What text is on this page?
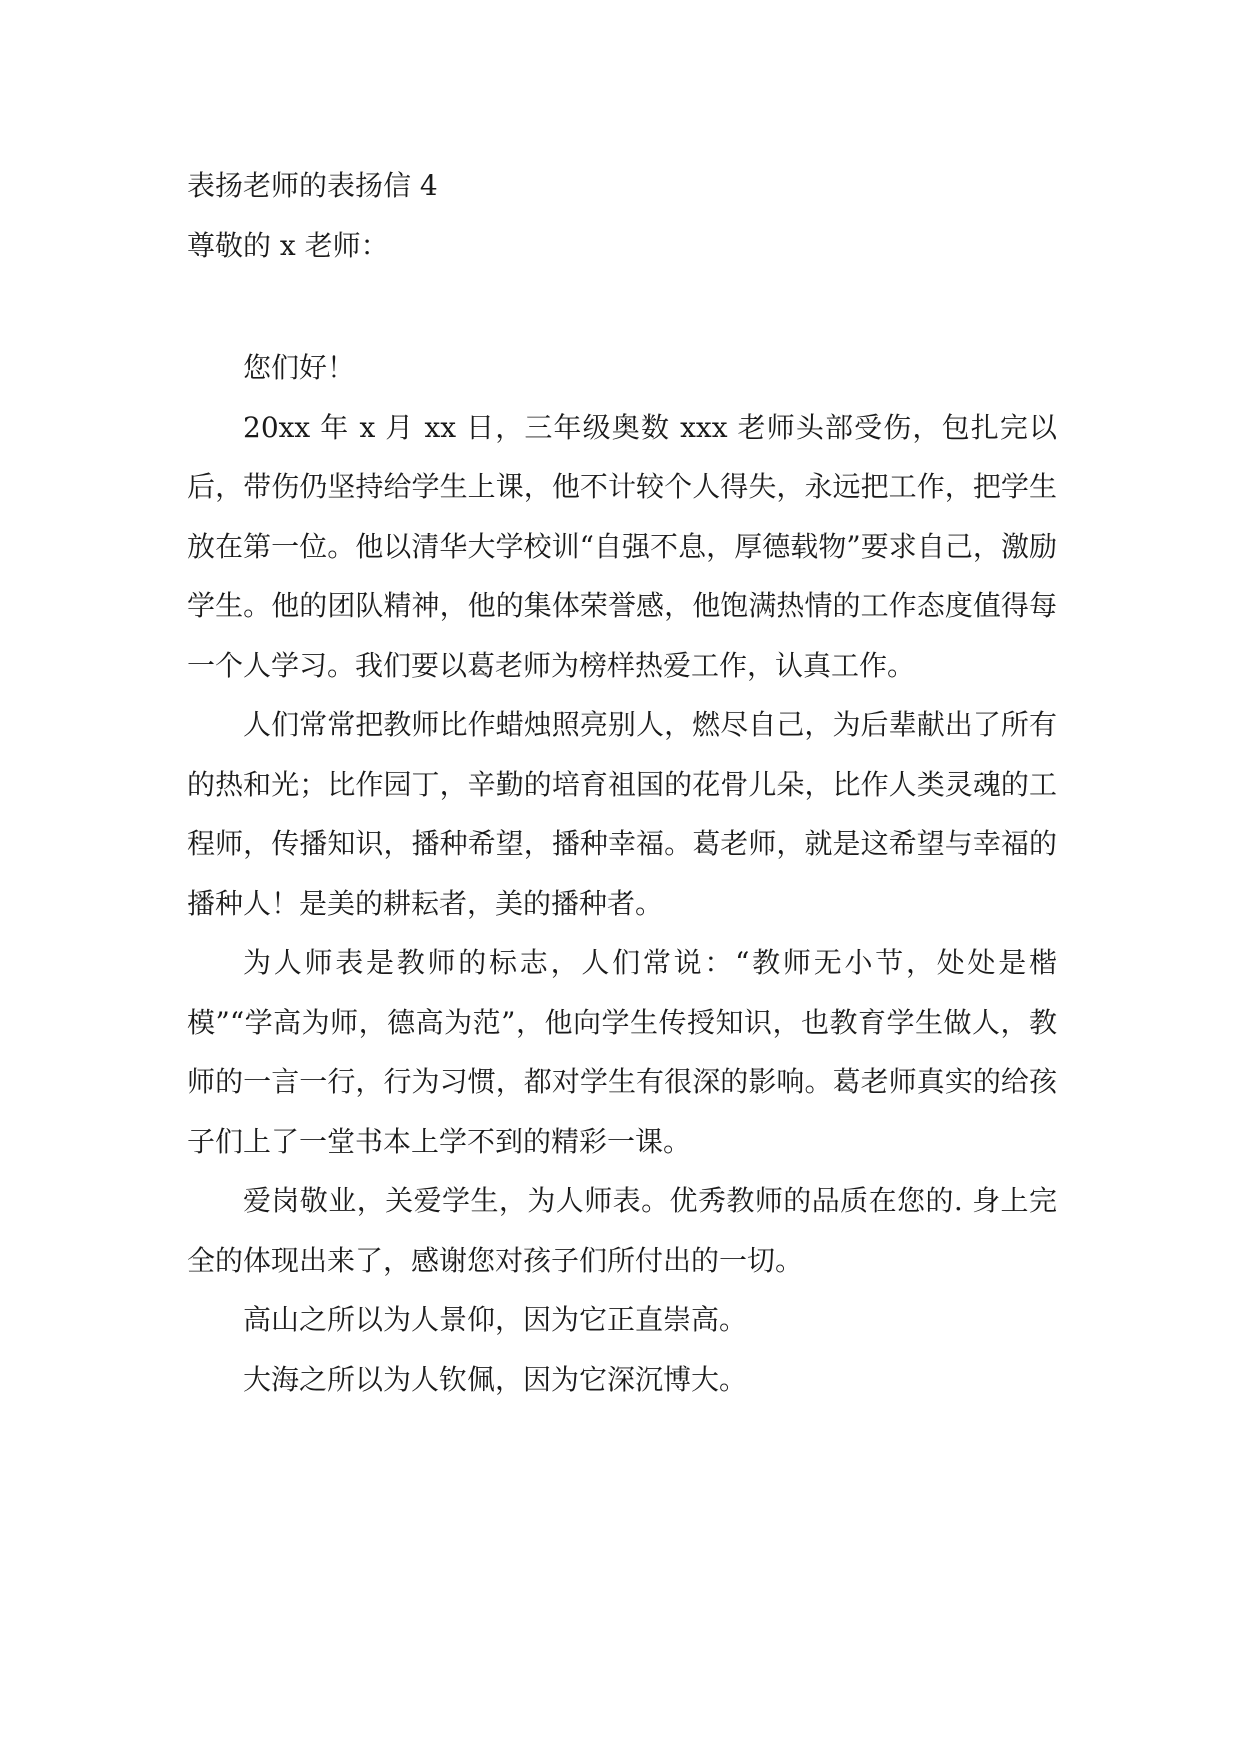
表扬老师的表扬信 4

尊敬的 x 老师：

您们好！

20xx 年 x 月 xx 日，三年级奥数 xxx 老师头部受伤，包扎完以后，带伤仍坚持给学生上课，他不计较个人得失，永远把工作，把学生放在第一位。他以清华大学校训“自强不息，厚德载物”要求自己，激励学生。他的团队精神，他的集体荣誉感，他饱满热情的工作态度值得每一个人学习。我们要以葛老师为榜样热爱工作，认真工作。

人们常常把教师比作蜡烛照亮别人，燃尽自己，为后辈献出了所有的热和光；比作园丁，辛勤的培育祖国的花骨儿朵，比作人类灵魂的工程师，传播知识，播种希望，播种幸福。葛老师，就是这希望与幸福的播种人！是美的耕耘者，美的播种者。

为人师表是教师的标志，人们常说：“教师无小节，处处是楷模”“学高为师，德高为范”，他向学生传授知识，也教育学生做人，教师的一言一行，行为习惯，都对学生有很深的影响。葛老师真实的给孩子们上了一堂书本上学不到的精彩一课。

爱岗敬业，关爱学生，为人师表。优秀教师的品质在您的. 身上完全的体现出来了，感谢您对孩子们所付出的一切。

高山之所以为人景仰，因为它正直崇高。

大海之所以为人钦佩，因为它深沉博大。
